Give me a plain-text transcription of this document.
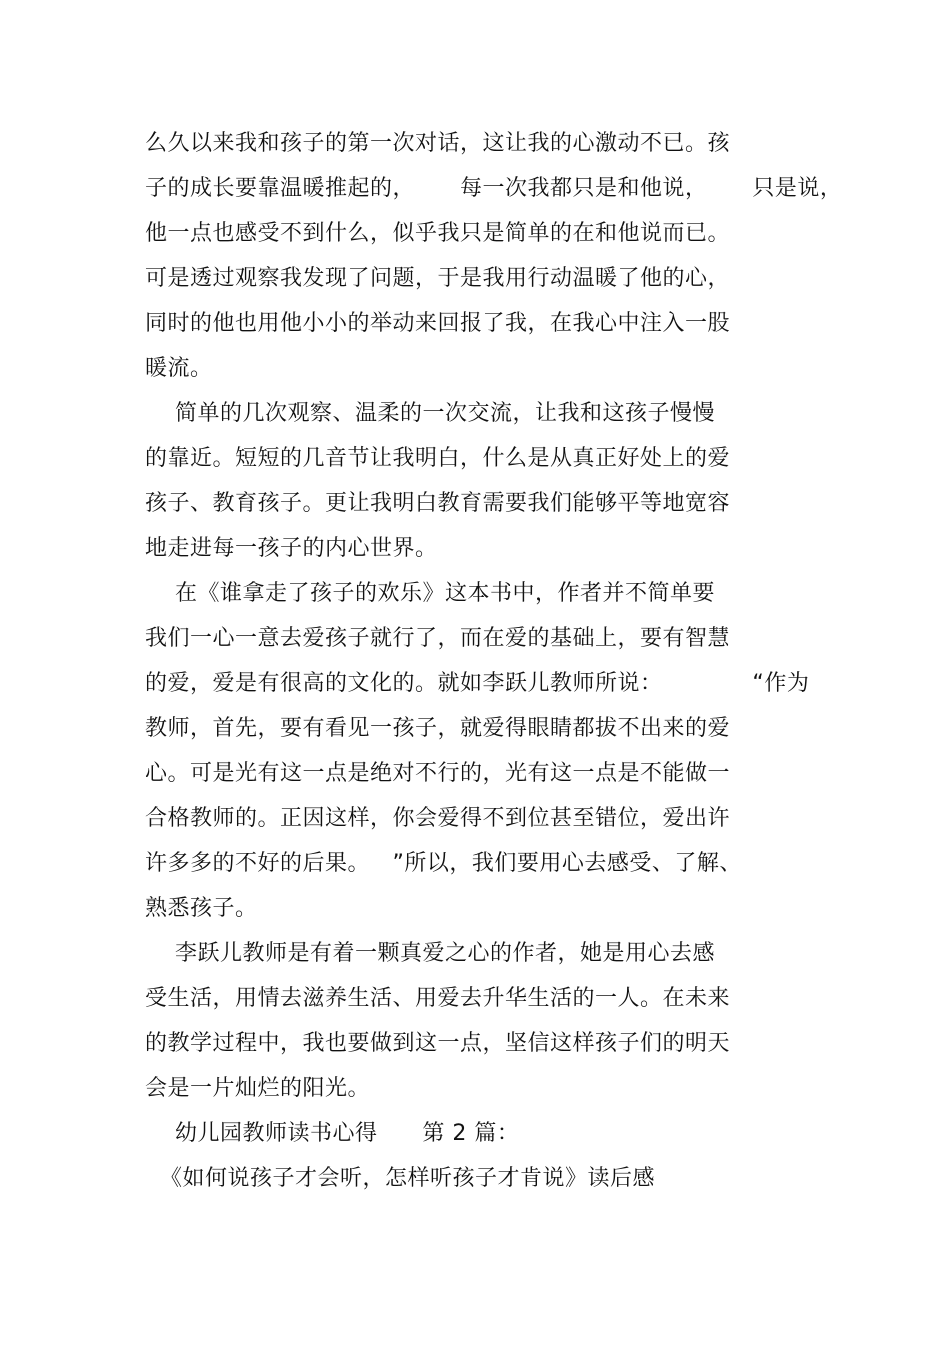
么久以来我和孩子的第一次对话，这让我的心激动不已。孩
子的成长要靠温暖推起的，      每一次我都只是和他说，      只是说，
他一点也感受不到什么，似乎我只是简单的在和他说而已。
可是透过观察我发现了问题，于是我用行动温暖了他的心，
同时的他也用他小小的举动来回报了我，在我心中注入一股
暖流。
简单的几次观察、温柔的一次交流，让我和这孩子慢慢
的靠近。短短的几音节让我明白，什么是从真正好处上的爱
孩子、教育孩子。更让我明白教育需要我们能够平等地宽容
地走进每一孩子的内心世界。
在《谁拿走了孩子的欢乐》这本书中，作者并不简单要
我们一心一意去爱孩子就行了，而在爱的基础上，要有智慧
的爱，爱是有很高的文化的。就如李跃儿教师所说：            “作为
教师，首先，要有看见一孩子，就爱得眼睛都拔不出来的爱
心。可是光有这一点是绝对不行的，光有这一点是不能做一
合格教师的。正因这样，你会爱得不到位甚至错位，爱出许
许多多的不好的后果。   ”所以，我们要用心去感受、了解、
熟悉孩子。
李跃儿教师是有着一颗真爱之心的作者，她是用心去感
受生活，用情去滋养生活、用爱去升华生活的一人。在未来
的教学过程中，我也要做到这一点，坚信这样孩子们的明天
会是一片灿烂的阳光。
幼儿园教师读书心得      第 2 篇：
《如何说孩子才会听，怎样听孩子才肯说》读后感
